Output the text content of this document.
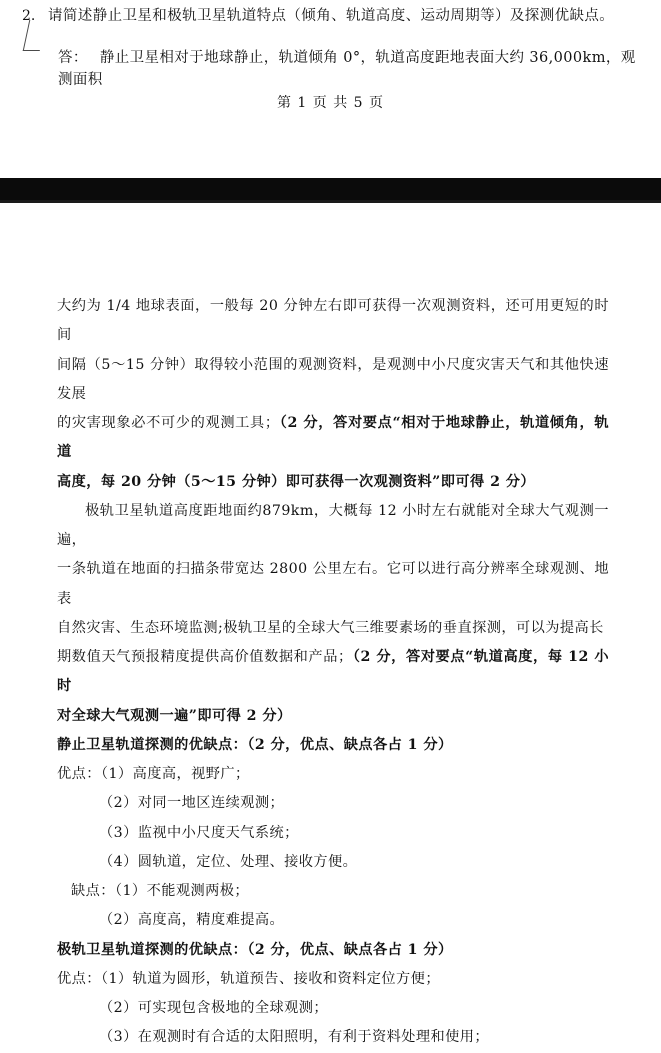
2. 请简述静止卫星和极轨卫星轨道特点（倾角、轨道高度、运动周期等）及探测优缺点。
答： 静止卫星相对于地球静止，轨道倾角 0°，轨道高度距地表面大约 36,000km，观测面积
第 1 页 共 5 页
大约为 1/4 地球表面，一般每 20 分钟左右即可获得一次观测资料，还可用更短的时间
间隔（5～15 分钟）取得较小范围的观测资料，是观测中小尺度灾害天气和其他快速发展
的灾害现象必不可少的观测工具；（2 分，答对要点“相对于地球静止，轨道倾角，轨道
高度，每 20 分钟（5～15 分钟）即可获得一次观测资料”即可得 2 分）
极轨卫星轨道高度距地面约879km，大概每 12 小时左右就能对全球大气观测一遍，
一条轨道在地面的扫描条带宽达 2800 公里左右。它可以进行高分辨率全球观测、地表
自然灾害、生态环境监测;极轨卫星的全球大气三维要素场的垂直探测，可以为提高长
期数值天气预报精度提供高价值数据和产品；（2 分，答对要点“轨道高度，每 12 小时
对全球大气观测一遍”即可得 2 分）
静止卫星轨道探测的优缺点：（2 分，优点、缺点各占 1 分）
优点：（1）高度高，视野广；
（2）对同一地区连续观测；
（3）监视中小尺度天气系统；
（4）圆轨道，定位、处理、接收方便。
缺点：（1）不能观测两极；
（2）高度高，精度难提高。
极轨卫星轨道探测的优缺点：（2 分，优点、缺点各占 1 分）
优点：（1）轨道为圆形，轨道预告、接收和资料定位方便；
（2）可实现包含极地的全球观测；
（3）在观测时有合适的太阳照明，有利于资料处理和使用；
